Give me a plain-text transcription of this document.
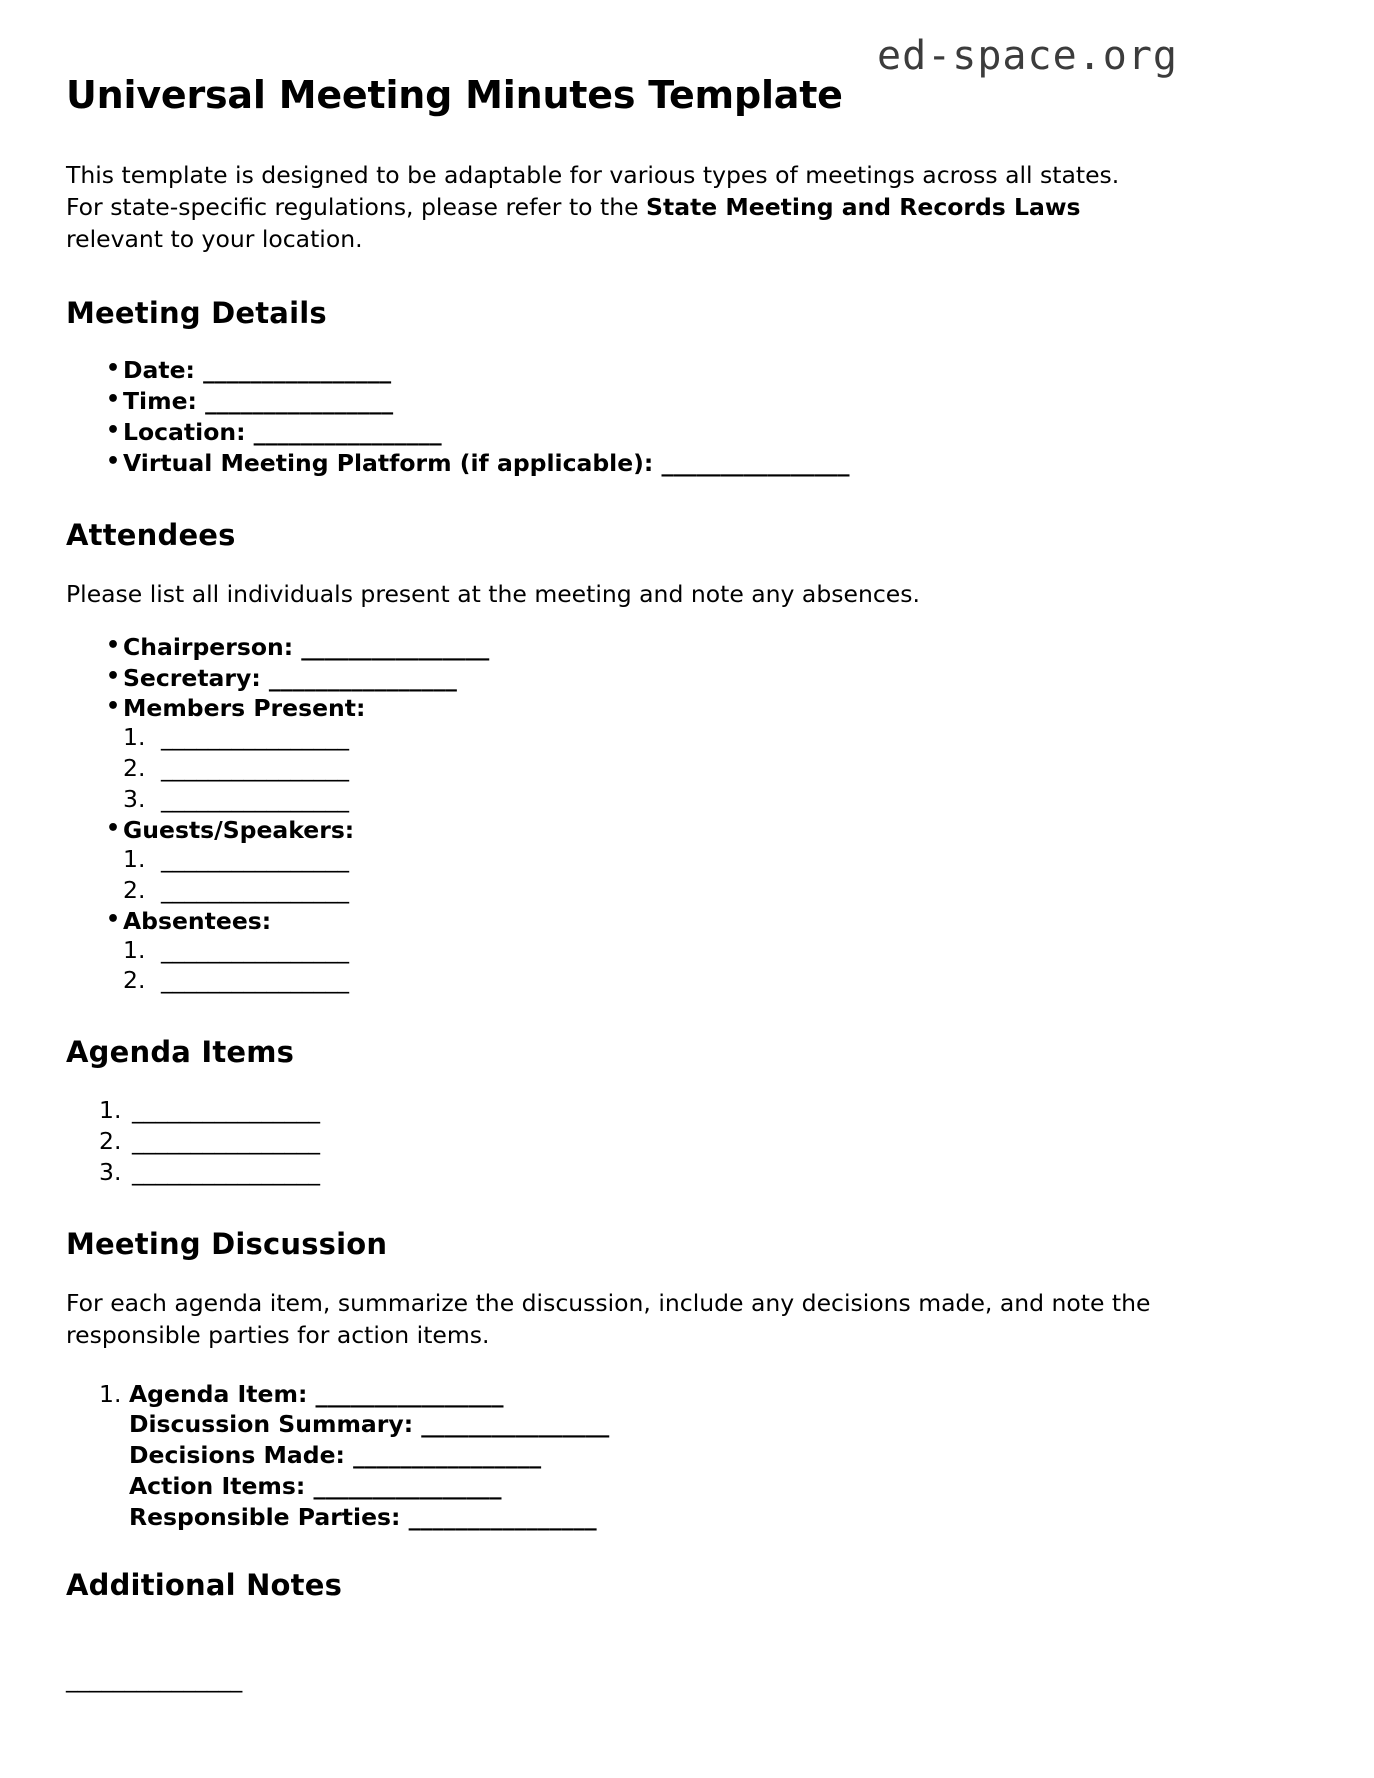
ed-space.org
Universal Meeting Minutes Template

This template is designed to be adaptable for various types of meetings across all states. For state-specific regulations, please refer to the State Meeting and Records Laws relevant to your location.

Meeting Details
• Date: ________________
• Time: ________________
• Location: ________________
• Virtual Meeting Platform (if applicable): ________________
Attendees

Please list all individuals present at the meeting and note any absences.

• Chairperson: ________________
• Secretary: ________________
• Members Present:
1. ________________
2. ________________
3. ________________
• Guests/Speakers:
1. ________________
2. ________________
• Absentees:
1. ________________
2. ________________
Agenda Items
1. ________________
2. ________________
3. ________________
Meeting Discussion

For each agenda item, summarize the discussion, include any decisions made, and note the responsible parties for action items.

1. Agenda Item: ________________
Discussion Summary: ________________
Decisions Made: ________________
Action Items: ________________
Responsible Parties: ________________
Additional Notes
_______________
